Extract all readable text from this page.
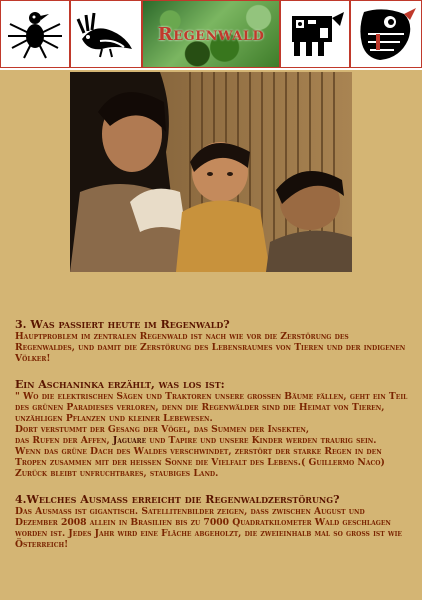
Regenwald
3. Was passiert heute im Regenwald?

Hauptproblem im zentralen Regenwald ist nach wie vor die Zerstörung des Regenwaldes, und damit die Zerstörung des Lebensraumes von Tieren und der indigenen Völker!

Ein Aschaninka erzählt, was los ist:

" Wo die elektrischen Sägen und Traktoren unsere grossen Bäume fällen, geht ein Teil des grünen Paradieses verloren, denn die Regenwälder sind die Heimat von Tieren, unzähligen Pflanzen und kleiner Lebewesen.

Dort verstummt der Gesang der Vögel, das Summen der Insekten,

das Rufen der Affen, Jaguare und Tapire und unsere Kinder werden traurig sein.

Wenn das grüne Dach des Waldes verschwindet, zerstört der starke Regen in den Tropen zusammen mit der heissen Sonne die Vielfalt des Lebens.( Guillermo Naco)

Zurück bleibt unfruchtbares, staubiges Land.

4.Welches Ausmass erreicht die Regenwaldzerstörung?

Das Ausmass ist gigantisch. Satellitenbilder zeigen, dass zwischen August und Dezember 2008 allein in Brasilien bis zu 7000 Quadratkilometer Wald geschlagen worden ist. Jedes Jahr wird eine Fläche abgeholzt, die zweieinhalb mal so gross ist wie Österreich!
